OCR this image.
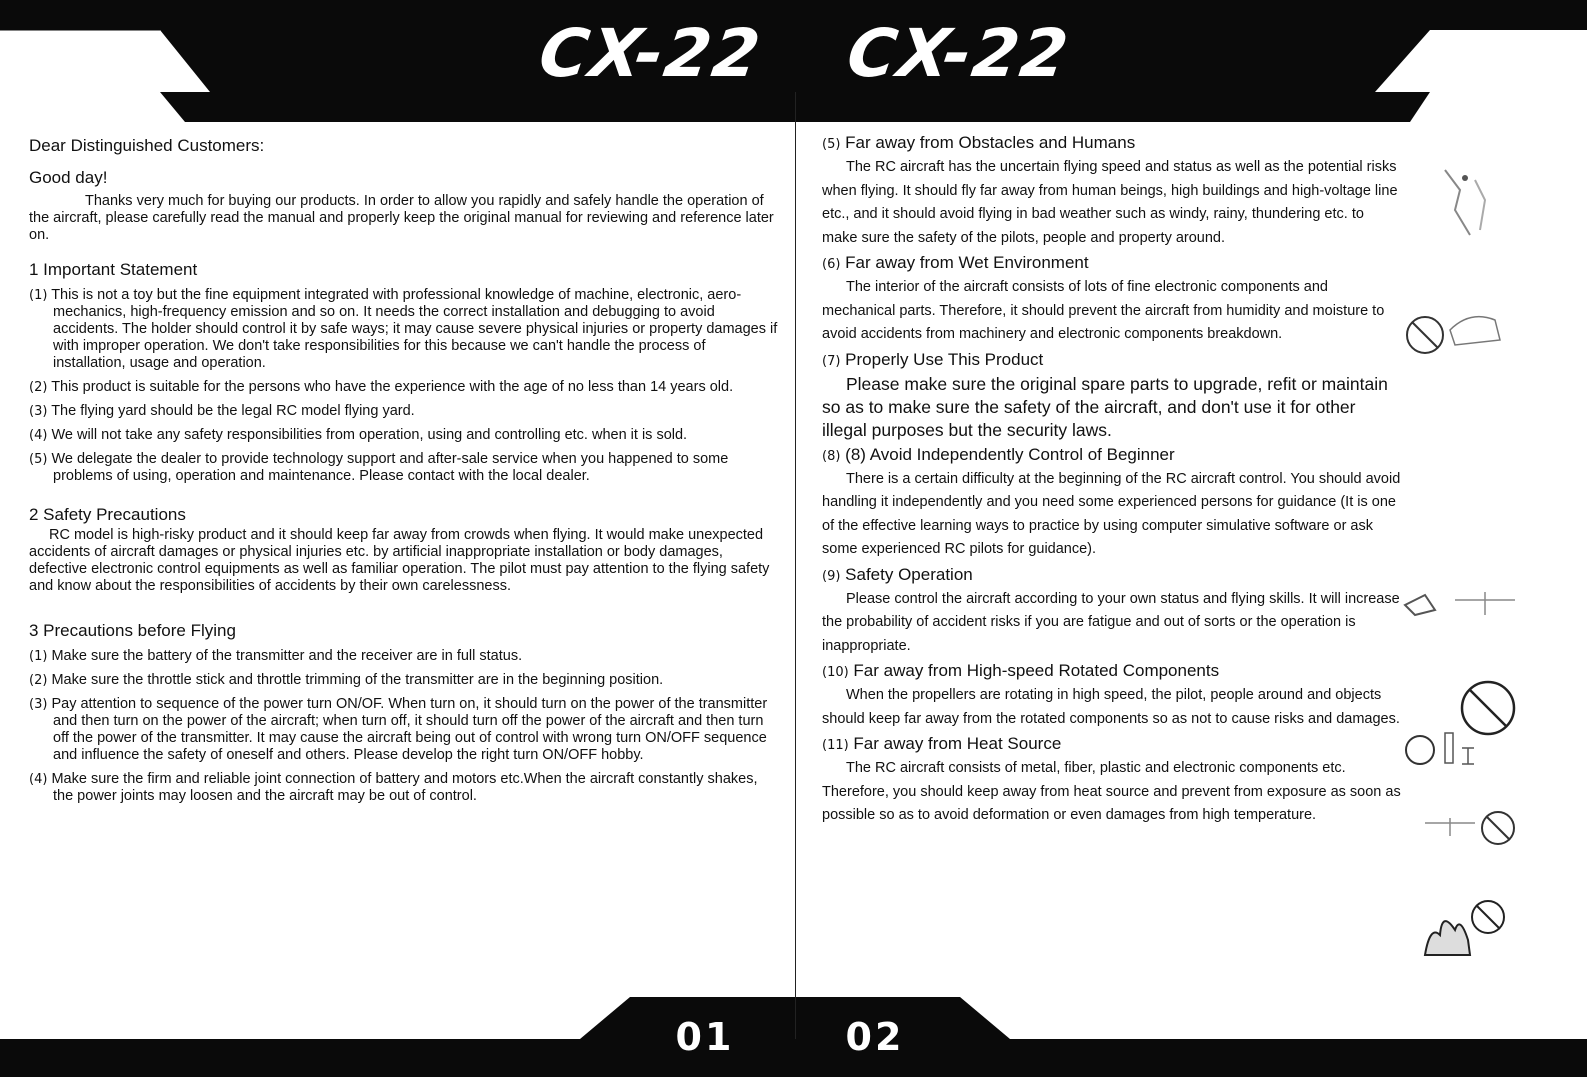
CX-22 CX-22
01	02

Dear Distinguished Customers:

Good day!

Thanks very much for buying our products. In order to allow you rapidly and safely handle the operation of the aircraft, please carefully read the manual and properly keep the original manual for reviewing and reference later on.

1 Important Statement

(1) This is not a toy but the fine equipment integrated with professional knowledge of machine, electronic, aero-mechanics, high-frequency emission and so on. It needs the correct installation and debugging to avoid accidents. The holder should control it by safe ways; it may cause severe physical injuries or property damages if with improper operation. We don't take responsibilities for this because we can't handle the process of installation, usage and operation.

(2) This product is suitable for the persons who have the experience with the age of no less than 14 years old.

(3) The flying yard should be the legal RC model flying yard.

(4) We will not take any safety responsibilities from operation, using and controlling etc. when it is sold.

(5) We delegate the dealer to provide technology support and after-sale service when you happened to some problems of using, operation and maintenance. Please contact with the local dealer.

2 Safety Precautions

RC model is high-risky product and it should keep far away from crowds when flying. It would make unexpected accidents of aircraft damages or physical injuries etc. by artificial inappropriate installation or body damages, defective electronic control equipments as well as familiar operation. The pilot must pay attention to the flying safety and know about the responsibilities of accidents by their own carelessness.

3 Precautions before Flying

(1) Make sure the battery of the transmitter and the receiver are in full status.

(2) Make sure the throttle stick and throttle trimming of the transmitter are in the beginning position.

(3) Pay attention to sequence of the power turn ON/OF. When turn on, it should turn on the power of the transmitter and then turn on the power of the aircraft; when turn off, it should turn off the power of the aircraft and then turn off the power of the transmitter. It may cause the aircraft being out of control with wrong turn ON/OFF sequence and influence the safety of oneself and others. Please develop the right turn ON/OFF hobby.

(4) Make sure the firm and reliable joint connection of battery and motors etc.When the aircraft constantly shakes, the power joints may loosen and the aircraft may be out of control.

(5) Far away from Obstacles and Humans

The RC aircraft has the uncertain flying speed and status as well as the potential risks when flying. It should fly far away from human beings, high buildings and high-voltage line etc., and it should avoid flying in bad weather such as windy, rainy, thundering etc. to make sure the safety of the pilots, people and property around.

(6) Far away from Wet Environment

The interior of the aircraft consists of lots of fine electronic components and mechanical parts. Therefore, it should prevent the aircraft from humidity and moisture to avoid accidents from machinery and electronic components breakdown.

(7) Properly Use This Product

Please make sure the original spare parts to upgrade, refit or maintain so as to make sure the safety of the aircraft, and don't use it for other illegal purposes but the security laws.

(8) (8) Avoid Independently Control of Beginner

There is a certain difficulty at the beginning of the RC aircraft control. You should avoid handling it independently and you need some experienced persons for guidance (It is one of the effective learning ways to practice by using computer simulative software or ask some experienced RC pilots for guidance).

(9) Safety Operation

Please control the aircraft according to your own status and flying skills. It will increase the probability of accident risks if you are fatigue and out of sorts or the operation is inappropriate.

(10) Far away from High-speed Rotated Components

When the propellers are rotating in high speed, the pilot, people around and objects should keep far away from the rotated components so as not to cause risks and damages.

(11) Far away from Heat Source

The RC aircraft consists of metal, fiber, plastic and electronic components etc. Therefore, you should keep away from heat source and prevent from exposure as soon as possible so as to avoid deformation or even damages from high temperature.
